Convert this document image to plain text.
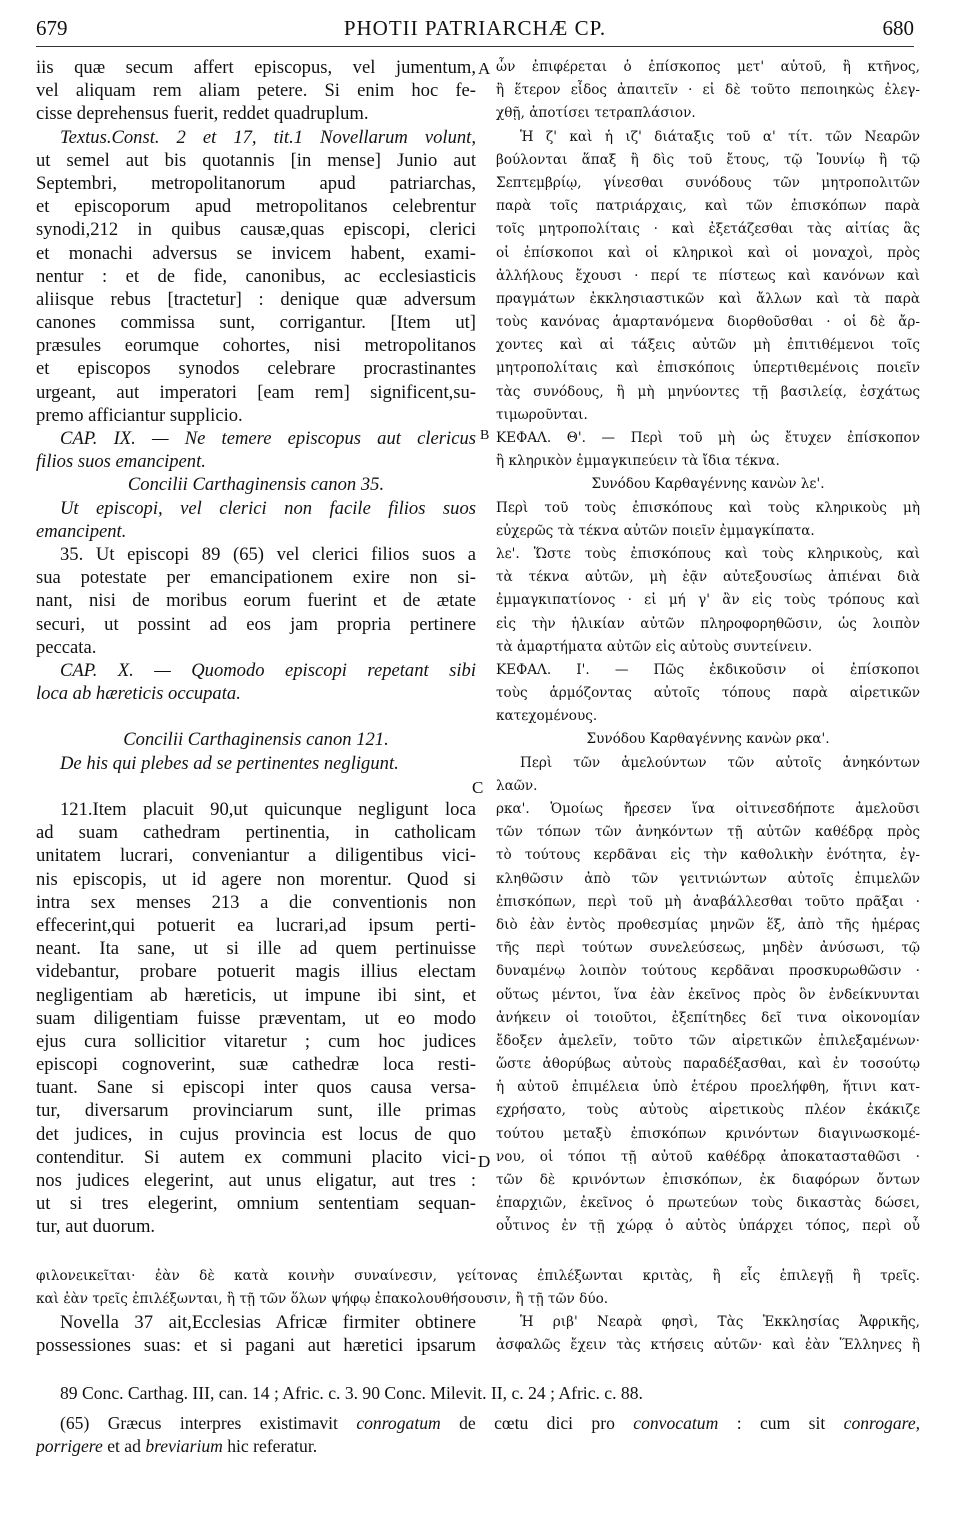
679	PHOTII PATRIARCHÆ CP.	680
A
B
C
D
iis quæ secum affert episcopus, vel jumentum,
vel aliquam rem aliam petere. Si enim hoc fe-
cisse deprehensus fuerit, reddet quadruplum.
Textus.Const. 2 et 17, tit.1 Novellarum volunt,
ut semel aut bis quotannis [in mense] Junio aut
Septembri, metropolitanorum apud patriarchas,
et episcoporum apud metropolitanos celebrentur
synodi,212 in quibus causæ,quas episcopi, clerici
et monachi adversus se invicem habent, exami-
nentur : et de fide, canonibus, ac ecclesiasticis
aliisque rebus [tractetur] : denique quæ adversum
canones commissa sunt, corrigantur. [Item ut]
præsules eorumque cohortes, nisi metropolitanos
et episcopos synodos celebrare procrastinantes
urgeant, aut imperatori [eam rem] significent,su-
premo afficiantur supplicio.
CAP. IX. — Ne temere episcopus aut clericus
filios suos emancipent.
Concilii Carthaginensis canon 35.
Ut episcopi, vel clerici non facile filios suos
emancipent.
35. Ut episcopi 89 (65) vel clerici filios suos a
sua potestate per emancipationem exire non si-
nant, nisi de moribus eorum fuerint et de ætate
securi, ut possint ad eos jam propria pertinere
peccata.
CAP. X. — Quomodo episcopi repetant sibi
loca ab hæreticis occupata.
Concilii Carthaginensis canon 121.
De his qui plebes ad se pertinentes negligunt.
121.Item placuit 90,ut quicunque negligunt loca
ad suam cathedram pertinentia, in catholicam
unitatem lucrari, conveniantur a diligentibus vici-
nis episcopis, ut id agere non morentur. Quod si
intra sex menses 213 a die conventionis non
effecerint,qui potuerit ea lucrari,ad ipsum perti-
neant. Ita sane, ut si ille ad quem pertinuisse
videbantur, probare potuerit magis illius electam
negligentiam ab hæreticis, ut impune ibi sint, et
suam diligentiam fuisse præventam, ut eo modo
ejus cura sollicitior vitaretur ; cum hoc judices
episcopi cognoverint, suæ cathedræ loca resti-
tuant. Sane si episcopi inter quos causa versa-
tur, diversarum provinciarum sunt, ille primas
det judices, in cujus provincia est locus de quo
contenditur. Si autem ex communi placito vici-
nos judices elegerint, aut unus eligatur, aut tres :
ut si tres elegerint, omnium sententiam sequan-
tur, aut duorum.
ὧν ἐπιφέρεται ὁ ἐπίσκοπος μετ' αὐτοῦ, ἢ κτῆνος,
ἢ ἕτερον εἶδος ἀπαιτεῖν · εἰ δὲ τοῦτο πεποιηκὼς ἐλεγ-
χθῇ, ἀποτίσει τετραπλάσιον.
Ἡ ζ' καὶ ἡ ιζ' διάταξις τοῦ α' τίτ. τῶν Νεαρῶν
βούλονται ἅπαξ ἢ δὶς τοῦ ἔτους, τῷ Ἰουνίῳ ἢ τῷ
Σεπτεμβρίῳ, γίνεσθαι συνόδους τῶν μητροπολιτῶν
παρὰ τοῖς πατριάρχαις, καὶ τῶν ἐπισκόπων παρὰ
τοῖς μητροπολίταις · καὶ ἐξετάζεσθαι τὰς αἰτίας ἃς
οἱ ἐπίσκοποι καὶ οἱ κληρικοὶ καὶ οἱ μοναχοὶ, πρὸς
ἀλλήλους ἔχουσι · περί τε πίστεως καὶ κανόνων καὶ
πραγμάτων ἐκκλησιαστικῶν καὶ ἄλλων καὶ τὰ παρὰ
τοὺς κανόνας ἁμαρτανόμενα διορθοῦσθαι · οἱ δὲ ἄρ-
χοντες καὶ αἱ τάξεις αὐτῶν μὴ ἐπιτιθέμενοι τοῖς
μητροπολίταις καὶ ἐπισκόποις ὑπερτιθεμένοις ποιεῖν
τὰς συνόδους, ἢ μὴ μηνύοντες τῇ βασιλείᾳ, ἐσχάτως
τιμωροῦνται.
ΚΕΦΑΛ. Θ'. — Περὶ τοῦ μὴ ὡς ἔτυχεν ἐπίσκοπον
ἢ κληρικὸν ἐμμαγκιπεύειν τὰ ἴδια τέκνα.
Συνόδου Καρθαγέννης κανὼν λε'.
Περὶ τοῦ τοὺς ἐπισκόπους καὶ τοὺς κληρικοὺς μὴ
εὐχερῶς τὰ τέκνα αὐτῶν ποιεῖν ἐμμαγκίπατα.
λε'. Ὥστε τοὺς ἐπισκόπους καὶ τοὺς κληρικοὺς, καὶ
τὰ τέκνα αὐτῶν, μὴ ἐᾷν αὐτεξουσίως ἀπιέναι διὰ
ἐμμαγκιπατίονος · εἰ μή γ' ἂν εἰς τοὺς τρόπους καὶ
εἰς τὴν ἡλικίαν αὐτῶν πληροφορηθῶσιν, ὡς λοιπὸν
τὰ ἁμαρτήματα αὐτῶν εἰς αὐτοὺς συντείνειν.
ΚΕΦΑΛ. Ι'. — Πῶς ἐκδικοῦσιν οἱ ἐπίσκοποι
τοὺς ἁρμόζοντας αὐτοῖς τόπους παρὰ αἱρετικῶν
κατεχομένους.
Συνόδου Καρθαγέννης κανὼν ρκα'.
Περὶ τῶν ἀμελούντων τῶν αὐτοῖς ἀνηκόντων
λαῶν.
ρκα'. Ὁμοίως ἤρεσεν ἵνα οἱτινεσδήποτε ἀμελοῦσι
τῶν τόπων τῶν ἀνηκόντων τῇ αὐτῶν καθέδρᾳ πρὸς
τὸ τούτους κερδᾶναι εἰς τὴν καθολικὴν ἑνότητα, ἐγ-
κληθῶσιν ἀπὸ τῶν γειτνιώντων αὐτοῖς ἐπιμελῶν
ἐπισκόπων, περὶ τοῦ μὴ ἀναβάλλεσθαι τοῦτο πρᾶξαι ·
διὸ ἐὰν ἐντὸς προθεσμίας μηνῶν ἕξ, ἀπὸ τῆς ἡμέρας
τῆς περὶ τούτων συνελεύσεως, μηδὲν ἀνύσωσι, τῷ
δυναμένῳ λοιπὸν τούτους κερδᾶναι προσκυρωθῶσιν ·
οὕτως μέντοι, ἵνα ἐὰν ἐκεῖνος πρὸς ὃν ἐνδείκνυνται
ἀνήκειν οἱ τοιοῦτοι, ἐξεπίτηδες δεῖ τινα οἰκονομίαν
ἔδοξεν ἀμελεῖν, τοῦτο τῶν αἱρετικῶν ἐπιλεξαμένων·
ὥστε ἀθορύβως αὐτοὺς παραδέξασθαι, καὶ ἐν τοσούτῳ
ἡ αὐτοῦ ἐπιμέλεια ὑπὸ ἑτέρου προελήφθη, ἥτινι κατ-
εχρήσατο, τοὺς αὐτοὺς αἱρετικοὺς πλέον ἐκάκιζε
τούτου μεταξὺ ἐπισκόπων κρινόντων διαγινωσκομέ-
νου, οἱ τόποι τῇ αὐτοῦ καθέδρᾳ ἀποκατασταθῶσι ·
τῶν δὲ κρινόντων ἐπισκόπων, ἐκ διαφόρων ὄντων
ἐπαρχιῶν, ἐκεῖνος ὁ πρωτεύων τοὺς δικαστὰς δώσει,
οὗτινος ἐν τῇ χώρᾳ ὁ αὐτὸς ὑπάρχει τόπος, περὶ οὗ
φιλονεικεῖται· ἐὰν δὲ κατὰ κοινὴν συναίνεσιν, γείτονας ἐπιλέξωνται κριτὰς, ἢ εἷς ἐπιλεγῇ ἢ τρεῖς.
καὶ ἐὰν τρεῖς ἐπιλέξωνται, ἢ τῇ τῶν ὅλων ψήφῳ ἐπακολουθήσουσιν, ἢ τῇ τῶν δύο.
Novella 37 ait,Ecclesias Africæ firmiter obtinere
possessiones suas: et si pagani aut hæretici ipsarum
Ἡ ριβ' Νεαρὰ φησὶ, Τὰς Ἐκκλησίας Ἀφρικῆς,
ἀσφαλῶς ἔχειν τὰς κτήσεις αὐτῶν· καὶ ἐὰν Ἕλληνες ἢ
89 Conc. Carthag. III, can. 14 ; Afric. c. 3. 90 Conc. Milevit. II, c. 24 ; Afric. c. 88.
(65) Græcus interpres existimavit conrogatum de cœtu dici pro convocatum : cum sit conrogare,
porrigere et ad breviarium hic referatur.
